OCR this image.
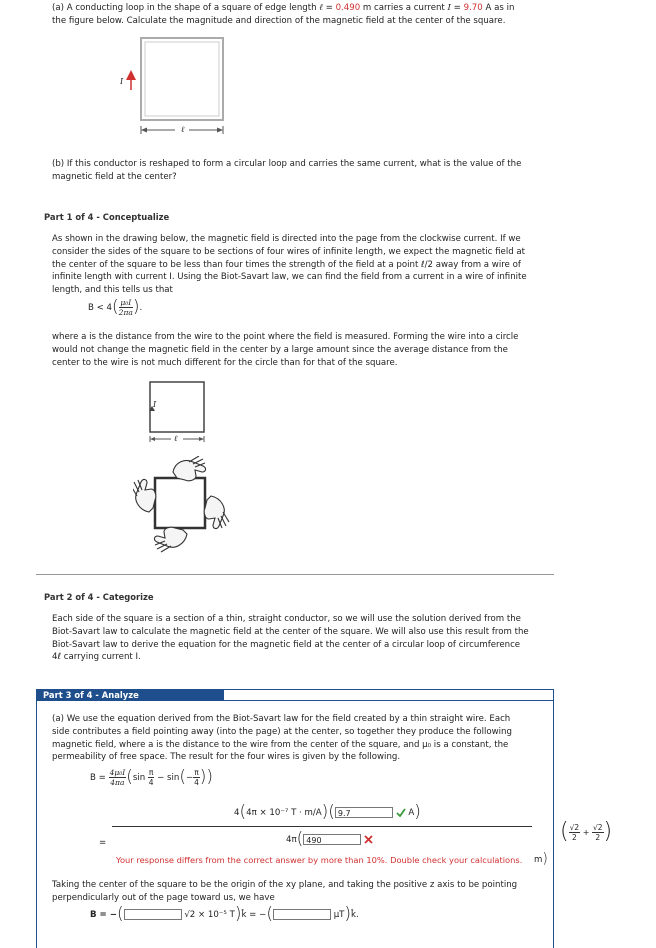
(a) A conducting loop in the shape of a square of edge length ℓ = 0.490 m carries a current I = 9.70 A as in
the figure below. Calculate the magnitude and direction of the magnetic field at the center of the square.
I
ℓ
(b) If this conductor is reshaped to form a circular loop and carries the same current, what is the value of the
magnetic field at the center?
Part 1 of 4 - Conceptualize
As shown in the drawing below, the magnetic field is directed into the page from the clockwise current. If we
consider the sides of the square to be sections of four wires of infinite length, we expect the magnetic field at
the center of the square to be less than four times the strength of the field at a point ℓ/2 away from a wire of
infinite length with current I. Using the Biot-Savart law, we can find the field from a current in a wire of infinite
length, and this tells us that
$B < 4( \frac{\text{μ₀I}}{2\pi a}$ ).
where a is the distance from the wire to the point where the field is measured. Forming the wire into a circle
would not change the magnetic field in the center by a large amount since the average distance from the
center to the wire is not much different for the circle than for that of the square.
I
ℓ
Part 2 of 4 - Categorize
Each side of the square is a section of a thin, straight conductor, so we will use the solution derived from the
Biot-Savart law to calculate the magnetic field at the center of the square. We will also use this result from the
Biot-Savart law to derive the equation for the magnetic field at the center of a circular loop of circumference
4ℓ carrying current I.
Part 3 of 4 - Analyze
(a) We use the equation derived from the Biot-Savart law for the field created by a thin straight wire. Each
side contributes a field pointing away (into the page) at the center, so together they produce the following
magnetic field, where a is the distance to the wire from the center of the square, and μ₀ is a constant, the
permeability of free space. The result for the four wires is given by the following.
$B = \frac{\text{4μ₀I}}{4\pi a} (\sin \frac{\pi}{4} - \sin(- \frac{\pi}{4}$ ))
4(4π × 10⁻⁷ T · m/A)( 9.7	A)
=	4π( 490	( $\frac{√2}{2} + \frac{√2}{2}$ )
Your response differs from the correct answer by more than 10%. Double check your calculations. m)
Taking the center of the square to be the origin of the xy plane, and taking the positive z axis to be pointing
perpendicularly out of the page toward us, we have
B = −(	√2 × 10⁻⁵ T)k̂ = −(	μT)k̂.
